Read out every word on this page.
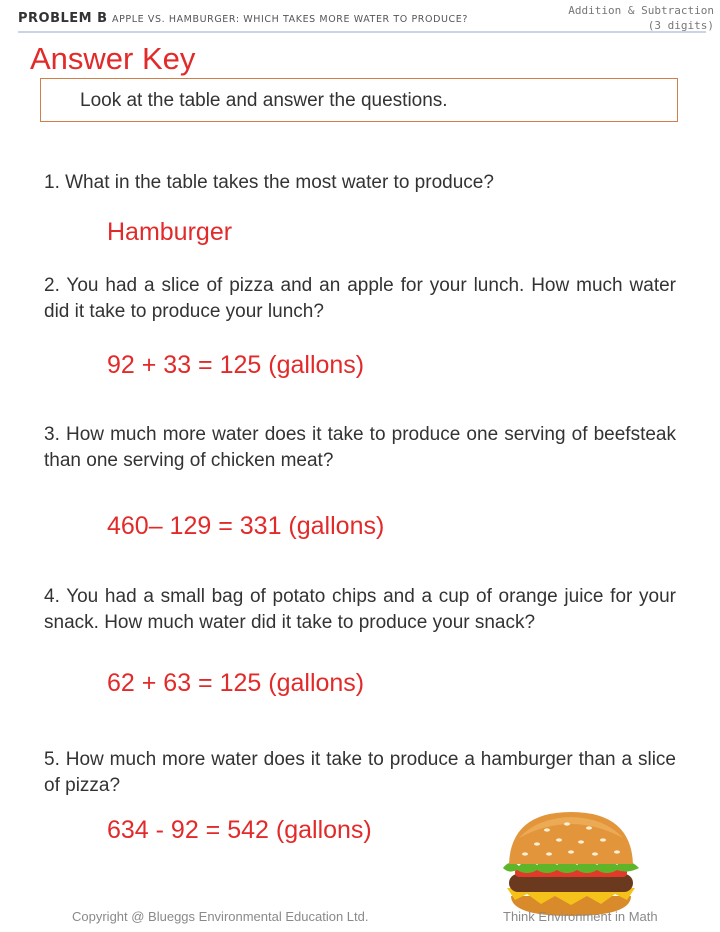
PROBLEM B APPLE VS. HAMBURGER: WHICH TAKES MORE WATER TO PRODUCE?
Addition & Subtraction
(3 digits)
Answer Key
Look at the table and answer the questions.
1. What in the table takes the most water to produce?
Hamburger
2. You had a slice of pizza and an apple for your lunch. How much water did it take to produce your lunch?
92 + 33 = 125 (gallons)
3. How much more water does it take to produce one serving of beefsteak than one serving of chicken meat?
460– 129 = 331 (gallons)
4. You had a small bag of potato chips and a cup of orange juice for your snack. How much water did it take to produce your snack?
62 + 63 = 125 (gallons)
5. How much more water does it take to produce a hamburger than a slice of pizza?
634 - 92 = 542 (gallons)
Copyright @ Blueggs Environmental Education Ltd.	Think Environment in Math
